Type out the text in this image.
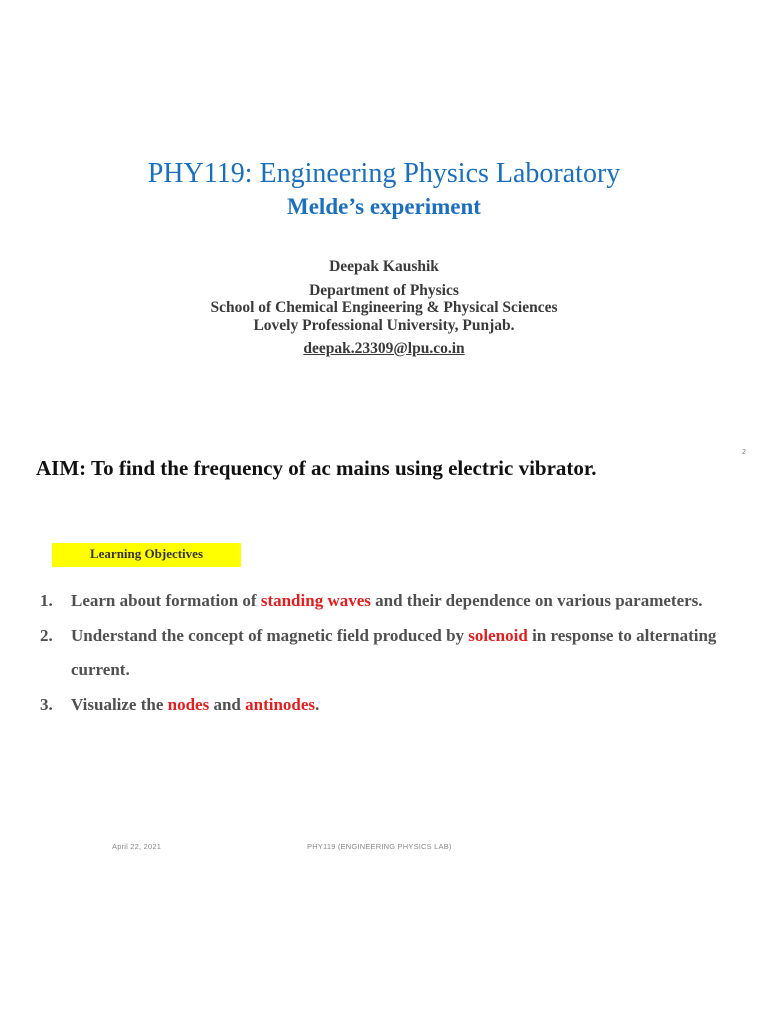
PHY119: Engineering Physics Laboratory
Melde’s experiment
Deepak Kaushik
Department of Physics
School of Chemical Engineering & Physical Sciences
Lovely Professional University, Punjab.
deepak.23309@lpu.co.in
2
AIM: To find the frequency of ac mains using electric vibrator.
Learning Objectives
1. Learn about formation of standing waves and their dependence on various parameters.
2. Understand the concept of magnetic field produced by solenoid in response to alternating current.
3. Visualize the nodes and antinodes.
April 22, 2021	PHY119 (ENGINEERING PHYSICS LAB)
